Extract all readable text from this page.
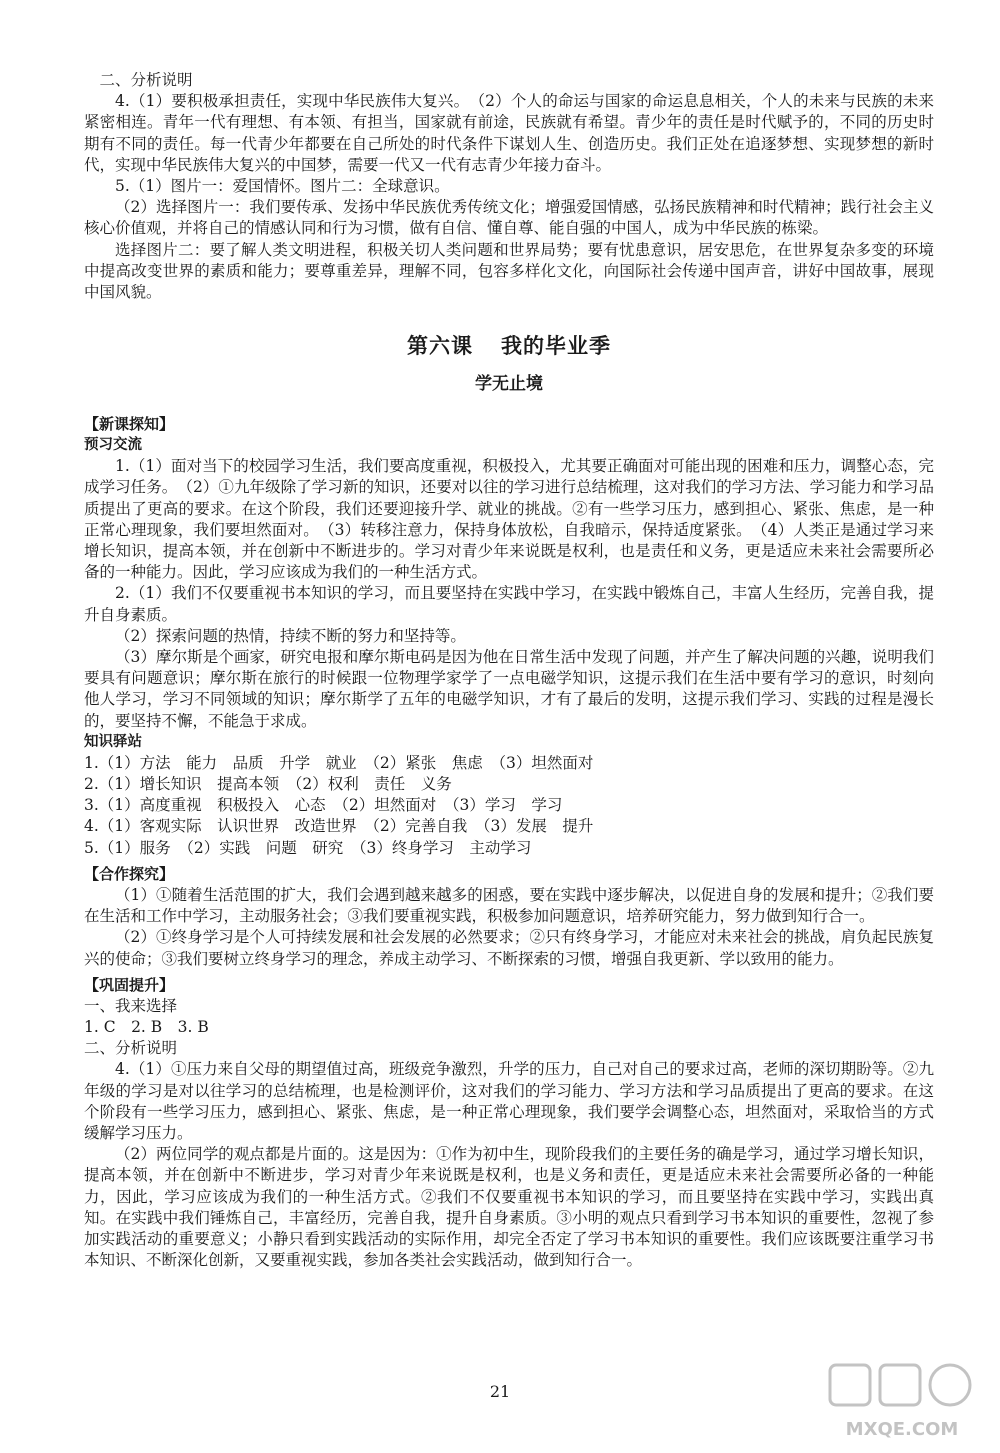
二、分析说明

4.（1）要积极承担责任，实现中华民族伟大复兴。　（2）个人的命运与国家的命运息息相关，个人的未来与民族的未来紧密相连。青年一代有理想、有本领、有担当，国家就有前途，民族就有希望。青少年的责任是时代赋予的，不同的历史时期有不同的责任。每一代青少年都要在自己所处的时代条件下谋划人生、创造历史。我们正处在追逐梦想、实现梦想的新时代，实现中华民族伟大复兴的中国梦，需要一代又一代有志青少年接力奋斗。

5.（1）图片一：爱国情怀。图片二：全球意识。

（2）选择图片一：我们要传承、发扬中华民族优秀传统文化；增强爱国情感，弘扬民族精神和时代精神；践行社会主义核心价值观，并将自己的情感认同和行为习惯，做有自信、懂自尊、能自强的中国人，成为中华民族的栋梁。

选择图片二：要了解人类文明进程，积极关切人类问题和世界局势；要有忧患意识，居安思危，在世界复杂多变的环境中提高改变世界的素质和能力；要尊重差异，理解不同，包容多样化文化，向国际社会传递中国声音，讲好中国故事，展现中国风貌。

第六课 我的毕业季
学无止境
【新课探知】
预习交流

1.（1）面对当下的校园学习生活，我们要高度重视，积极投入，尤其要正确面对可能出现的困难和压力，调整心态，完成学习任务。　（2）①九年级除了学习新的知识，还要对以往的学习进行总结梳理，这对我们的学习方法、学习能力和学习品质提出了更高的要求。在这个阶段，我们还要迎接升学、就业的挑战。②有一些学习压力，感到担心、紧张、焦虑，是一种正常心理现象，我们要坦然面对。　（3）转移注意力，保持身体放松，自我暗示，保持适度紧张。　（4）人类正是通过学习来增长知识，提高本领，并在创新中不断进步的。学习对青少年来说既是权利，也是责任和义务，更是适应未来社会需要所必备的一种能力。因此，学习应该成为我们的一种生活方式。

2.（1）我们不仅要重视书本知识的学习，而且要坚持在实践中学习，在实践中锻炼自己，丰富人生经历，完善自我，提升自身素质。

（2）探索问题的热情，持续不断的努力和坚持等。

（3）摩尔斯是个画家，研究电报和摩尔斯电码是因为他在日常生活中发现了问题，并产生了解决问题的兴趣，说明我们要具有问题意识；摩尔斯在旅行的时候跟一位物理学家学了一点电磁学知识，这提示我们在生活中要有学习的意识，时刻向他人学习，学习不同领域的知识；摩尔斯学了五年的电磁学知识，才有了最后的发明，这提示我们学习、实践的过程是漫长的，要坚持不懈，不能急于求成。

知识驿站

1.（1）方法　能力　品质　升学　就业　（2）紧张　焦虑　（3）坦然面对

2.（1）增长知识　提高本领　（2）权利　责任　义务

3.（1）高度重视　积极投入　心态　（2）坦然面对　（3）学习　学习

4.（1）客观实际　认识世界　改造世界　（2）完善自我　（3）发展　提升

5.（1）服务　（2）实践　问题　研究　（3）终身学习　主动学习

【合作探究】

（1）①随着生活范围的扩大，我们会遇到越来越多的困惑，要在实践中逐步解决，以促进自身的发展和提升；②我们要在生活和工作中学习，主动服务社会；③我们要重视实践，积极参加问题意识，培养研究能力，努力做到知行合一。

（2）①终身学习是个人可持续发展和社会发展的必然要求；②只有终身学习，才能应对未来社会的挑战，肩负起民族复兴的使命；③我们要树立终身学习的理念，养成主动学习、不断探索的习惯，增强自我更新、学以致用的能力。

【巩固提升】

一、我来选择

1. C　2. B　3. B

二、分析说明

4.（1）①压力来自父母的期望值过高，班级竞争激烈，升学的压力，自己对自己的要求过高，老师的深切期盼等。②九年级的学习是对以往学习的总结梳理，也是检测评价，这对我们的学习能力、学习方法和学习品质提出了更高的要求。在这个阶段有一些学习压力，感到担心、紧张、焦虑，是一种正常心理现象，我们要学会调整心态，坦然面对，采取恰当的方式缓解学习压力。

（2）两位同学的观点都是片面的。这是因为：①作为初中生，现阶段我们的主要任务的确是学习，通过学习增长知识，提高本领，并在创新中不断进步，学习对青少年来说既是权利，也是义务和责任，更是适应未来社会需要所必备的一种能力，因此，学习应该成为我们的一种生活方式。②我们不仅要重视书本知识的学习，而且要坚持在实践中学习，实践出真知。在实践中我们锤炼自己，丰富经历，完善自我，提升自身素质。③小明的观点只看到学习书本知识的重要性，忽视了参加实践活动的重要意义；小静只看到实践活动的实际作用，却完全否定了学习书本知识的重要性。我们应该既要注重学习书本知识、不断深化创新，又要重视实践，参加各类社会实践活动，做到知行合一。

21
MXQE.COM
